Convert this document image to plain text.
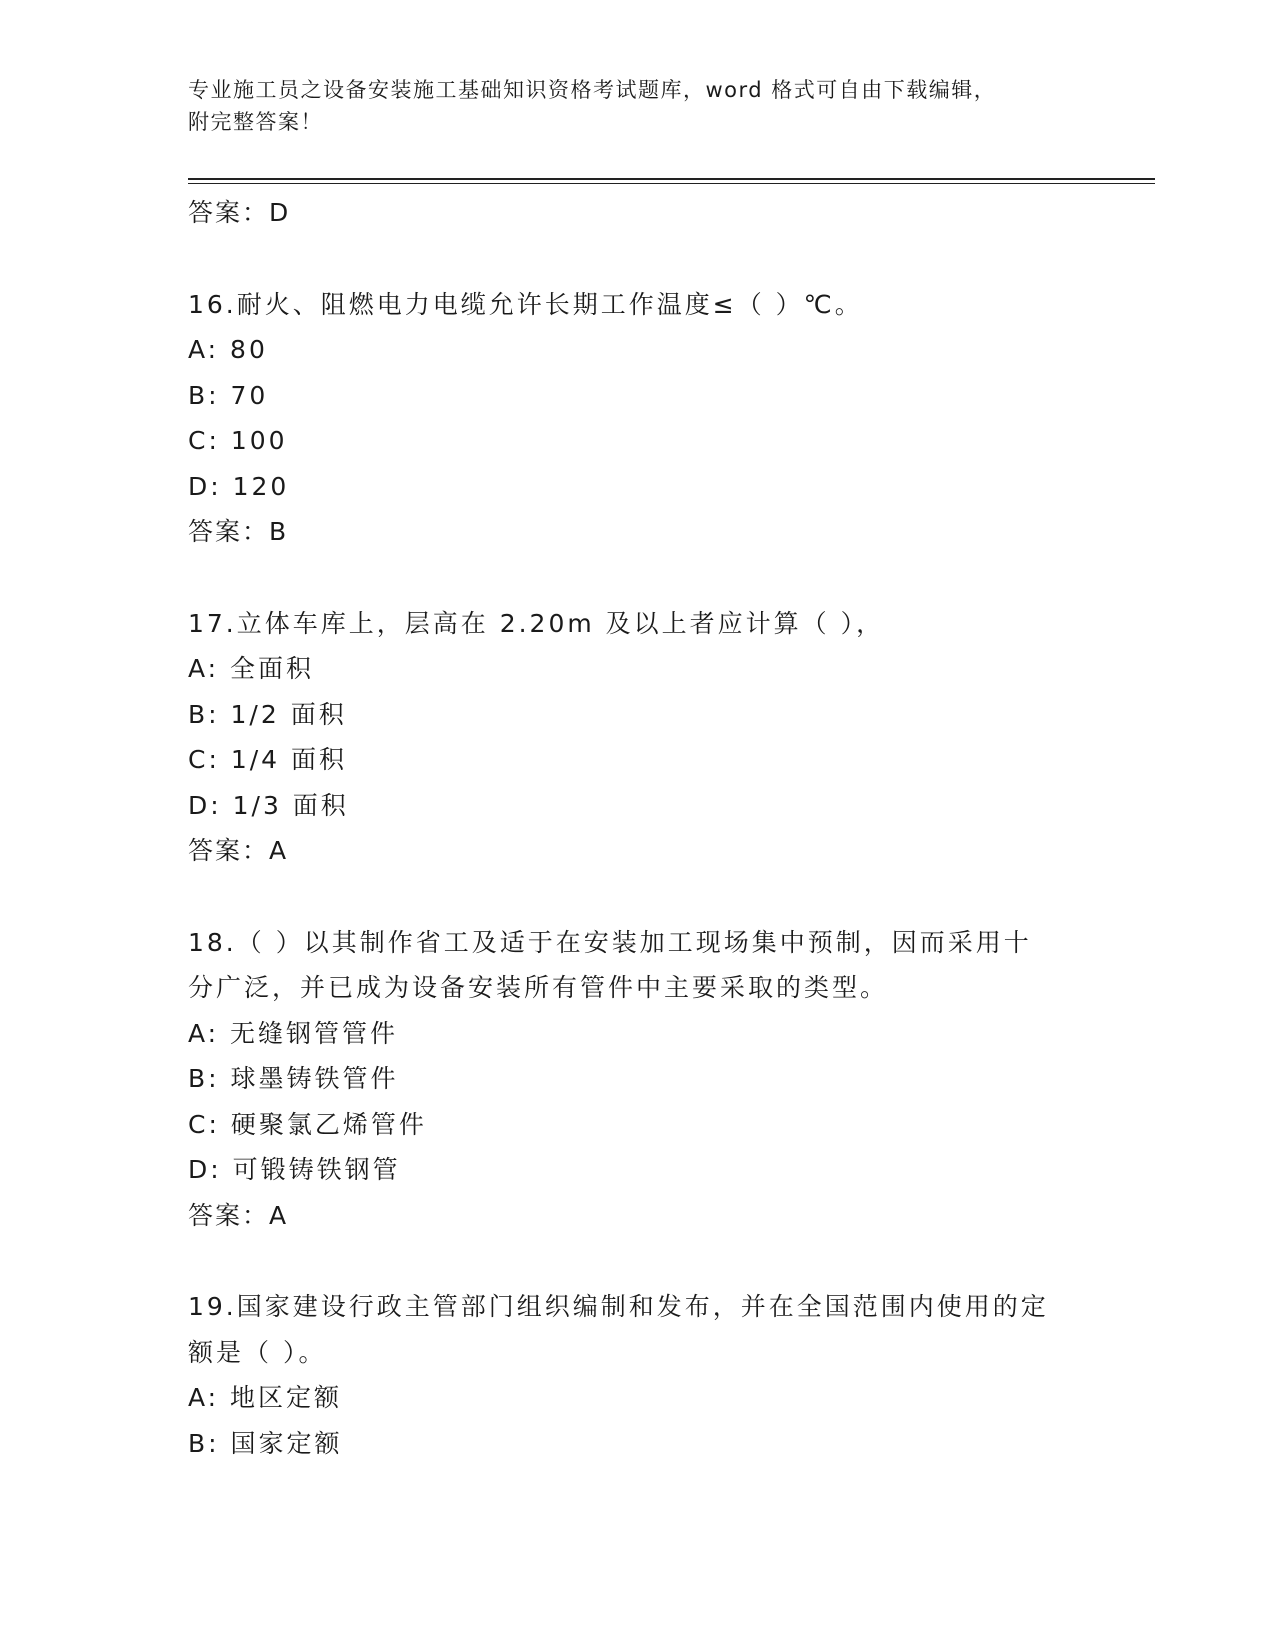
专业施工员之设备安装施工基础知识资格考试题库，word 格式可自由下载编辑，
附完整答案！
答案：D
16.耐火、阻燃电力电缆允许长期工作温度≤（ ）℃。
A: 80
B: 70
C: 100
D: 120
答案：B
17.立体车库上，层高在 2.20m 及以上者应计算（ ），
A: 全面积
B: 1/2 面积
C: 1/4 面积
D: 1/3 面积
答案：A
18.（ ）以其制作省工及适于在安装加工现场集中预制，因而采用十
分广泛，并已成为设备安装所有管件中主要采取的类型。
A: 无缝钢管管件
B: 球墨铸铁管件
C: 硬聚氯乙烯管件
D: 可锻铸铁钢管
答案：A
19.国家建设行政主管部门组织编制和发布，并在全国范围内使用的定
额是（ ）。
A: 地区定额
B: 国家定额
